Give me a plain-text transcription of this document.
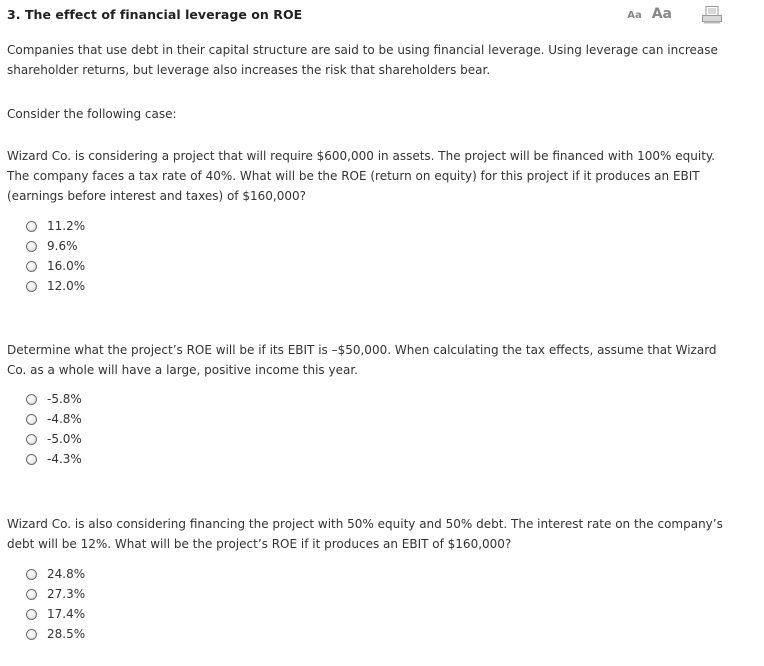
3. The effect of financial leverage on ROE	Aa Aa

Companies that use debt in their capital structure are said to be using financial leverage. Using leverage can increase shareholder returns, but leverage also increases the risk that shareholders bear.

Consider the following case:

Wizard Co. is considering a project that will require $600,000 in assets. The project will be financed with 100% equity. The company faces a tax rate of 40%. What will be the ROE (return on equity) for this project if it produces an EBIT (earnings before interest and taxes) of $160,000?

11.2%
9.6%
16.0%
12.0%

Determine what the project’s ROE will be if its EBIT is –$50,000. When calculating the tax effects, assume that Wizard Co. as a whole will have a large, positive income this year.

-5.8%
-4.8%
-5.0%
-4.3%

Wizard Co. is also considering financing the project with 50% equity and 50% debt. The interest rate on the company’s debt will be 12%. What will be the project’s ROE if it produces an EBIT of $160,000?

24.8%
27.3%
17.4%
28.5%
